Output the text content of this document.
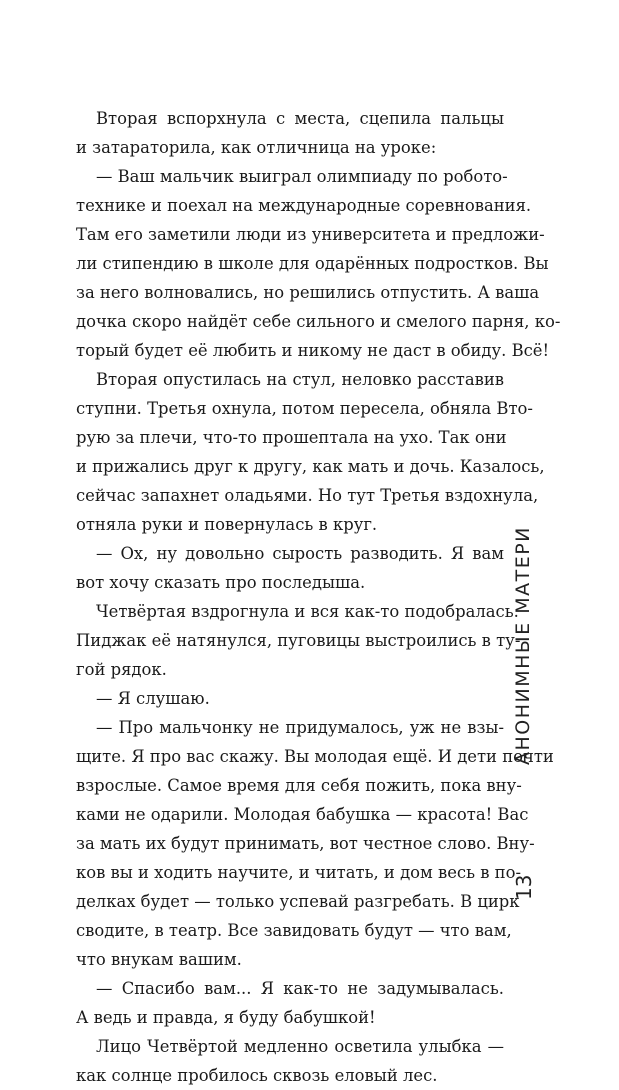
Вторая вспорхнула с места, сцепила пальцы
и затараторила, как отличница на уроке:
— Ваш мальчик выиграл олимпиаду по робото-
технике и поехал на международные соревнования.
Там его заметили люди из университета и предложи-
ли стипендию в школе для одарённых подростков. Вы
за него волновались, но решились отпустить. А ваша
дочка скоро найдёт себе сильного и смелого парня, ко-
торый будет её любить и никому не даст в обиду. Всё!
Вторая опустилась на стул, неловко расставив
ступни. Третья охнула, потом пересела, обняла Вто-
рую за плечи, что-то прошептала на ухо. Так они
и прижались друг к другу, как мать и дочь. Казалось,
сейчас запахнет оладьями. Но тут Третья вздохнула,
отняла руки и повернулась в круг.
— Ох, ну довольно сырость разводить. Я вам
вот хочу сказать про последыша.
Четвёртая вздрогнула и вся как-то подобралась.
Пиджак её натянулся, пуговицы выстроились в ту-
гой рядок.
— Я слушаю.
— Про мальчонку не придумалось, уж не взы-
щите. Я про вас скажу. Вы молодая ещё. И дети почти
взрослые. Самое время для себя пожить, пока вну-
ками не одарили. Молодая бабушка — красота! Вас
за мать их будут принимать, вот честное слово. Вну-
ков вы и ходить научите, и читать, и дом весь в по-
делках будет — только успевай разгребать. В цирк
сводите, в театр. Все завидовать будут — что вам,
что внукам вашим.
— Спасибо вам... Я как-то не задумывалась.
А ведь и правда, я буду бабушкой!
Лицо Четвёртой медленно осветила улыбка —
как солнце пробилось сквозь еловый лес.
АНОНИМНЫЕ МАТЕРИ
13
